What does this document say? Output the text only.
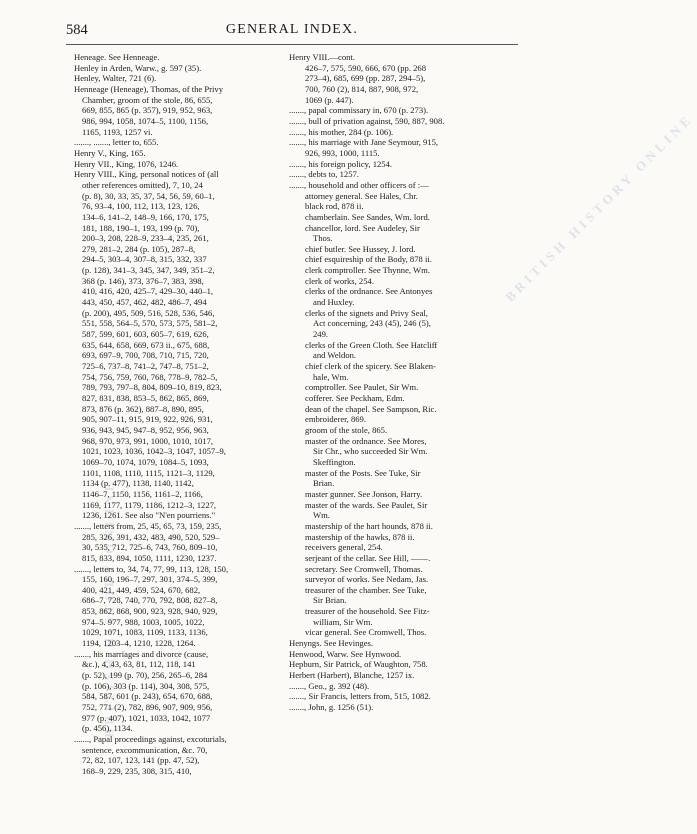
584	GENERAL INDEX.
Heneage. See Henneage.
Henley in Arden, Warw., g. 597 (35).
Henley, Walter, 721 (6).
Henneage (Heneage), Thomas, of the Privy
Chamber, groom of the stole, 86, 655,
669, 855, 865 (p. 357), 919, 952, 963,
986, 994, 1058, 1074–5, 1100, 1156,
1165, 1193, 1257 vi.
......., ......., letter to, 655.
Henry V., King, 165.
Henry VII., King, 1076, 1246.
Henry VIII., King, personal notices of (all
other references omitted), 7, 10, 24
(p. 8), 30, 33, 35, 37, 54, 56, 59, 60–1,
76, 93–4, 100, 112, 113, 123, 126,
134–6, 141–2, 148–9, 166, 170, 175,
181, 188, 190–1, 193, 199 (p. 70),
200–3, 208, 228–9, 233–4, 235, 261,
279, 281–2, 284 (p. 105), 287–8,
294–5, 303–4, 307–8, 315, 332, 337
(p. 128), 341–3, 345, 347, 349, 351–2,
368 (p. 146), 373, 376–7, 383, 398,
410, 416, 420, 425–7, 429–30, 440–1,
443, 450, 457, 462, 482, 486–7, 494
(p. 200), 495, 509, 516, 528, 536, 546,
551, 558, 564–5, 570, 573, 575, 581–2,
587, 599, 601, 603, 605–7, 619, 626,
635, 644, 658, 669, 673 ii., 675, 688,
693, 697–9, 700, 708, 710, 715, 720,
725–6, 737–8, 741–2, 747–8, 751–2,
754, 756, 759, 760, 768, 778–9, 782–5,
789, 793, 797–8, 804, 809–10, 819, 823,
827, 831, 838, 853–5, 862, 865, 869,
873, 876 (p. 362), 887–8, 890, 895,
905, 907–11, 915, 919, 922, 926, 931,
936, 943, 945, 947–8, 952, 956, 963,
968, 970, 973, 991, 1000, 1010, 1017,
1021, 1023, 1036, 1042–3, 1047, 1057–9,
1069–70, 1074, 1079, 1084–5, 1093,
1101, 1108, 1110, 1115, 1121–3, 1129,
1134 (p. 477), 1138, 1140, 1142,
1146–7, 1150, 1156, 1161–2, 1166,
1169, 1177, 1179, 1186, 1212–3, 1227,
1236, 1261. See also "N'en pourriens."
......., letters from, 25, 45, 65, 73, 159, 235,
285, 326, 391, 432, 483, 490, 520, 529–
30, 535, 712, 725–6, 743, 760, 809–10,
815, 833, 894, 1050, 1111, 1230, 1237.
......., letters to, 34, 74, 77, 99, 113, 128, 150,
155, 160, 196–7, 297, 301, 374–5, 399,
400, 421, 449, 459, 524, 670, 682,
686–7, 728, 740, 770, 792, 808, 827–8,
853, 862, 868, 900, 923, 928, 940, 929,
974–5. 977, 988, 1003, 1005, 1022,
1029, 1071, 1083, 1109, 1133, 1136,
1194, 1203–4, 1210, 1228, 1264.
......., his marriages and divorce (cause,
&c.), 4, 43, 63, 81, 112, 118, 141
(p. 52), 199 (p. 70), 256, 265–6, 284
(p. 106), 303 (p. 114), 304, 308, 575,
584, 587, 601 (p. 243), 654, 670, 688,
752, 771 (2), 782, 896, 907, 909, 956,
977 (p. 407), 1021, 1033, 1042, 1077
(p. 456), 1134.
......., Papal proceedings against, excoturials,
sentence, excommunication, &c. 70,
72, 82, 107, 123, 141 (pp. 47, 52),
168–9, 229, 235, 308, 315, 410,
Henry VIII.—cont.
426–7, 575, 590, 666, 670 (pp. 268
273–4), 685, 699 (pp. 287, 294–5),
700, 760 (2), 814, 887, 908, 972,
1069 (p. 447).
......., papal commissary in, 670 (p. 273).
......., bull of privation against, 590, 887, 908.
......., his mother, 284 (p. 106).
......., his marriage with Jane Seymour, 915,
926, 993, 1000, 1115.
......., his foreign policy, 1254.
......., debts to, 1257.
......., household and other officers of :—
attorney general. See Hales, Chr.
black rod, 878 ii.
chamberlain. See Sandes, Wm. lord.
chancellor, lord. See Audeley, Sir
Thos.
chief butler. See Hussey, J. lord.
chief esquireship of the Body, 878 ii.
clerk comptroller. See Thynne, Wm.
clerk of works, 254.
clerks of the ordnance. See Antonyes
and Huxley.
clerks of the signets and Privy Seal,
Act concerning, 243 (45), 246 (5),
249.
clerks of the Green Cloth. See Hatcliff
and Weldon.
chief clerk of the spicery. See Blaken-
hale, Wm.
comptroller. See Paulet, Sir Wm.
cofferer. See Peckham, Edm.
dean of the chapel. See Sampson, Ric.
embroiderer, 869.
groom of the stole, 865.
master of the ordnance. See Mores,
Sir Chr., who succeeded Sir Wm.
Skeffington.
master of the Posts. See Tuke, Sir
Brian.
master gunner. See Jonson, Harry.
master of the wards. See Paulet, Sir
Wm.
mastership of the hart hounds, 878 ii.
mastership of the hawks, 878 ii.
receivers general, 254.
serjeant of the cellar. See Hill, ——.
secretary. See Cromwell, Thomas.
surveyor of works. See Nedam, Jas.
treasurer of the chamber. See Tuke,
Sir Brian.
treasurer of the household. See Fitz-
william, Sir Wm.
vicar general. See Cromwell, Thos.
Henyngs. See Hevinges.
Henwood, Warw. See Hynwood.
Hepburn, Sir Patrick, of Waughton, 758.
Herbert (Harbert), Blanche, 1257 ix.
......., Geo., g. 392 (48).
......., Sir Francis, letters from, 515, 1082.
......., John, g. 1256 (51).
BRITISH HISTORY ONLINE
BRITISH HISTORY ONLINE
